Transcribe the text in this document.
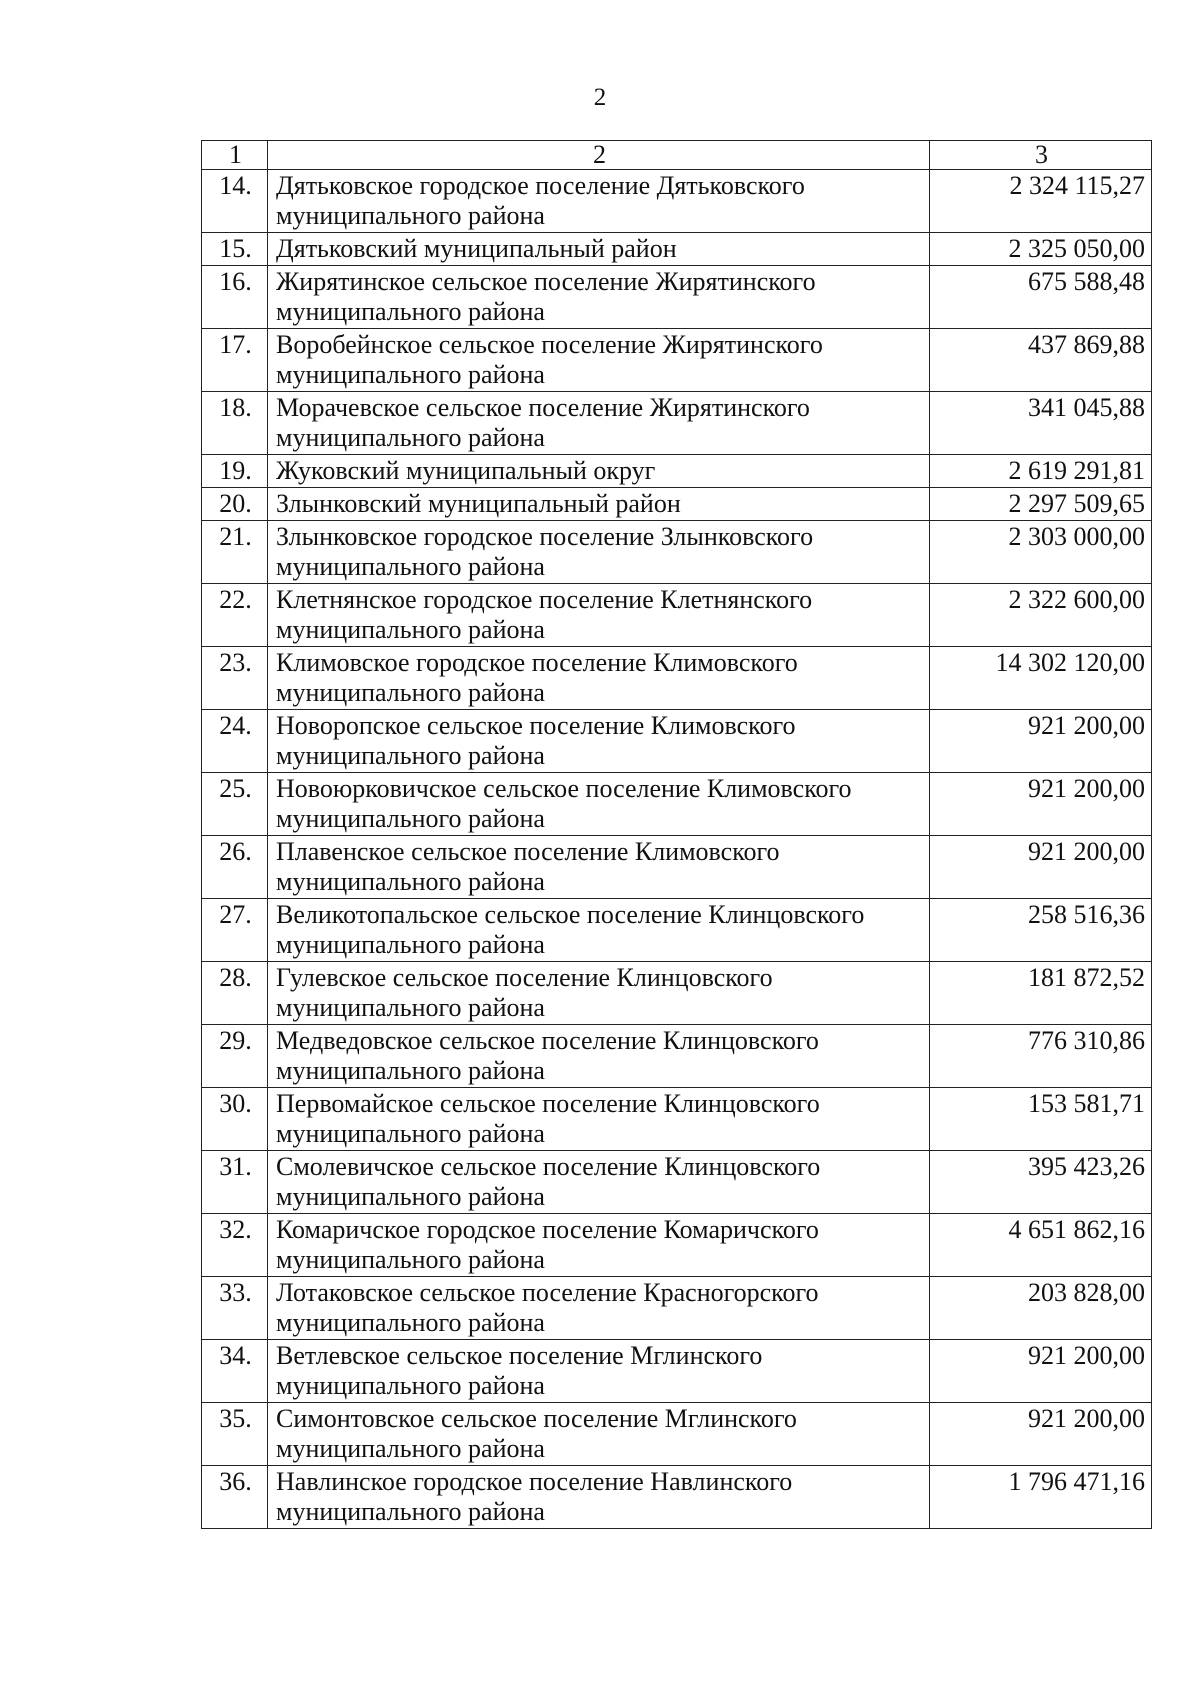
2
1	2	3
14.	Дятьковское городское поселение Дятьковского муниципального района	2 324 115,27
15.	Дятьковский муниципальный район	2 325 050,00
16.	Жирятинское сельское поселение Жирятинского муниципального района	675 588,48
17.	Воробейнское сельское поселение Жирятинского муниципального района	437 869,88
18.	Морачевское сельское поселение Жирятинского муниципального района	341 045,88
19.	Жуковский муниципальный округ	2 619 291,81
20.	Злынковский муниципальный район	2 297 509,65
21.	Злынковское городское поселение Злынковского муниципального района	2 303 000,00
22.	Клетнянское городское поселение Клетнянского муниципального района	2 322 600,00
23.	Климовское городское поселение Климовского муниципального района	14 302 120,00
24.	Новоропское сельское поселение Климовского муниципального района	921 200,00
25.	Новоюрковичское сельское поселение Климовского муниципального района	921 200,00
26.	Плавенское сельское поселение Климовского муниципального района	921 200,00
27.	Великотопальское сельское поселение Клинцовского муниципального района	258 516,36
28.	Гулевское сельское поселение Клинцовского муниципального района	181 872,52
29.	Медведовское сельское поселение Клинцовского муниципального района	776 310,86
30.	Первомайское сельское поселение Клинцовского муниципального района	153 581,71
31.	Смолевичское сельское поселение Клинцовского муниципального района	395 423,26
32.	Комаричское городское поселение Комаричского муниципального района	4 651 862,16
33.	Лотаковское сельское поселение Красногорского муниципального района	203 828,00
34.	Ветлевское сельское поселение Мглинского муниципального района	921 200,00
35.	Симонтовское сельское поселение Мглинского муниципального района	921 200,00
36.	Навлинское городское поселение Навлинского муниципального района	1 796 471,16
